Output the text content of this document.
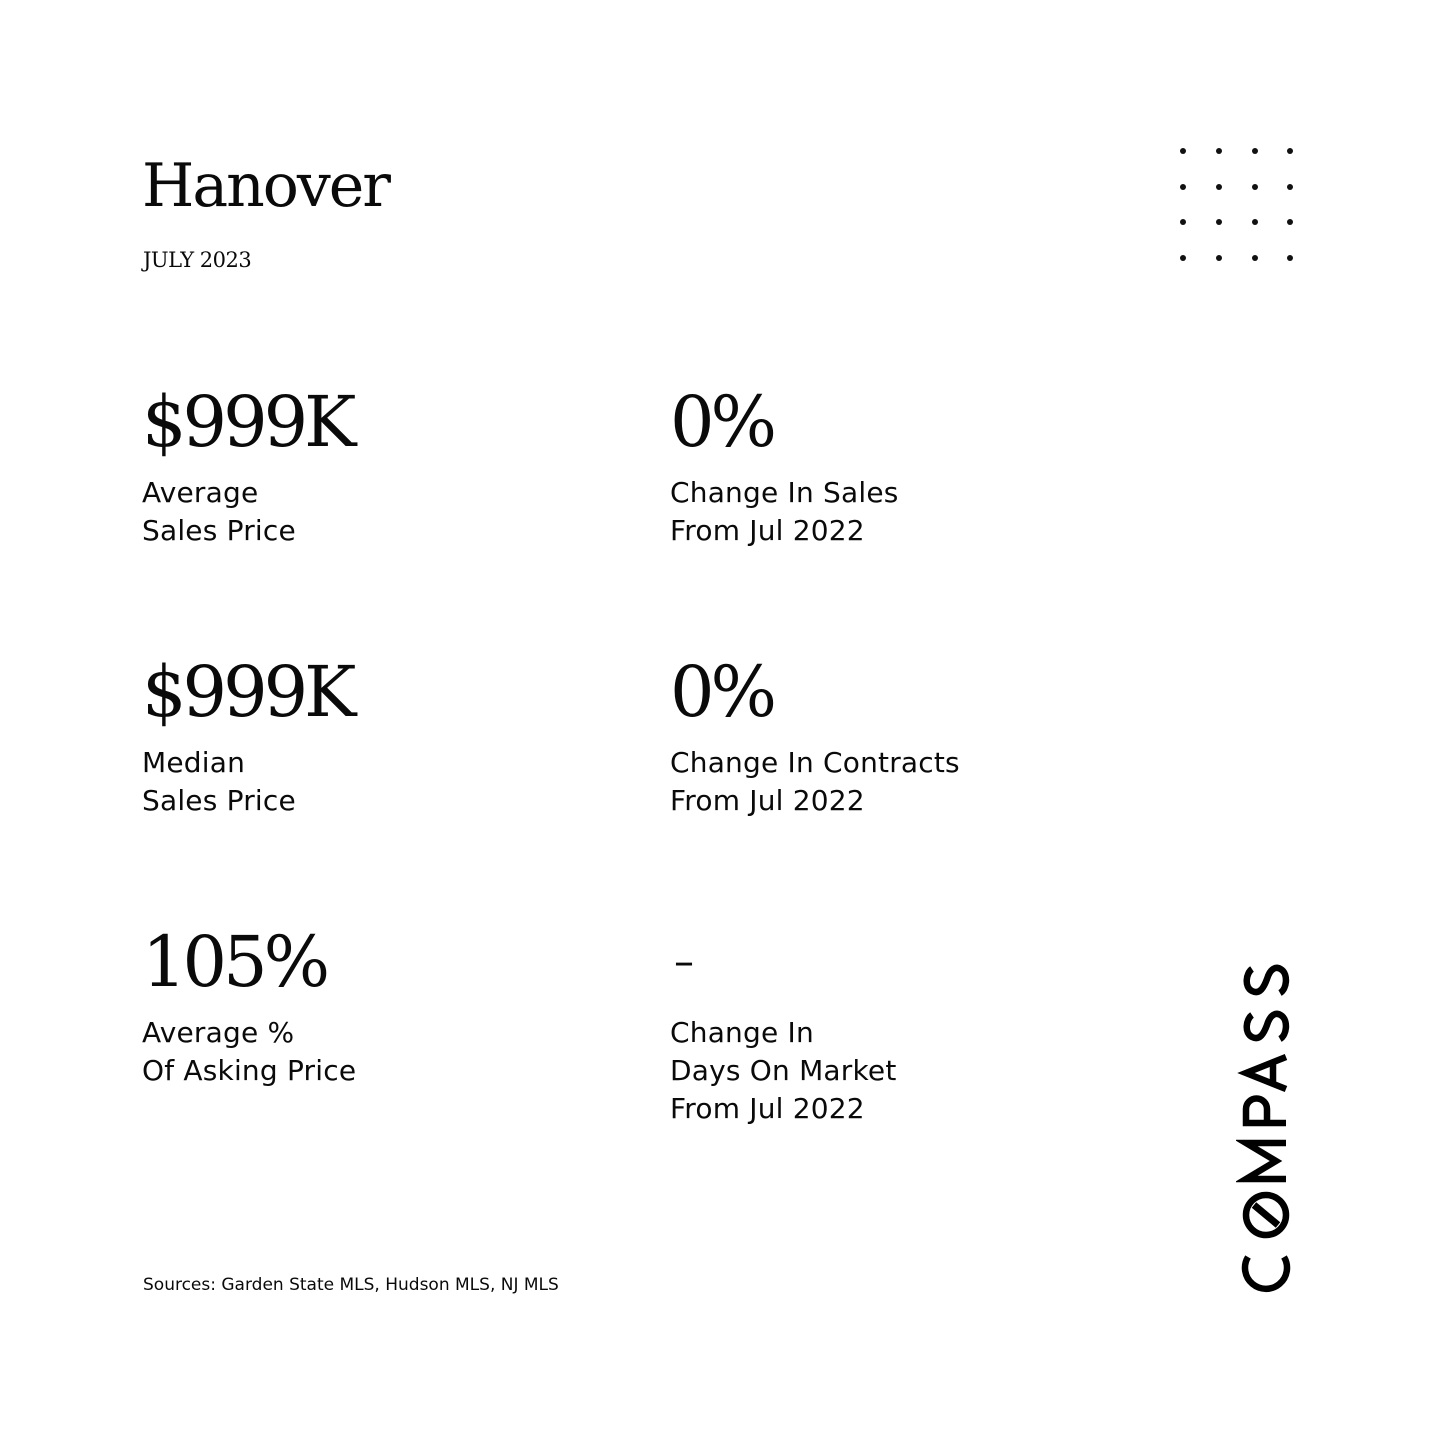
Hanover
JULY 2023
$999K
Average
Sales Price
0%
Change In Sales
From Jul 2022
$999K
Median
Sales Price
0%
Change In Contracts
From Jul 2022
105%
Average %
Of Asking Price
–
Change In
Days On Market
From Jul 2022
Sources: Garden State MLS, Hudson MLS, NJ MLS
